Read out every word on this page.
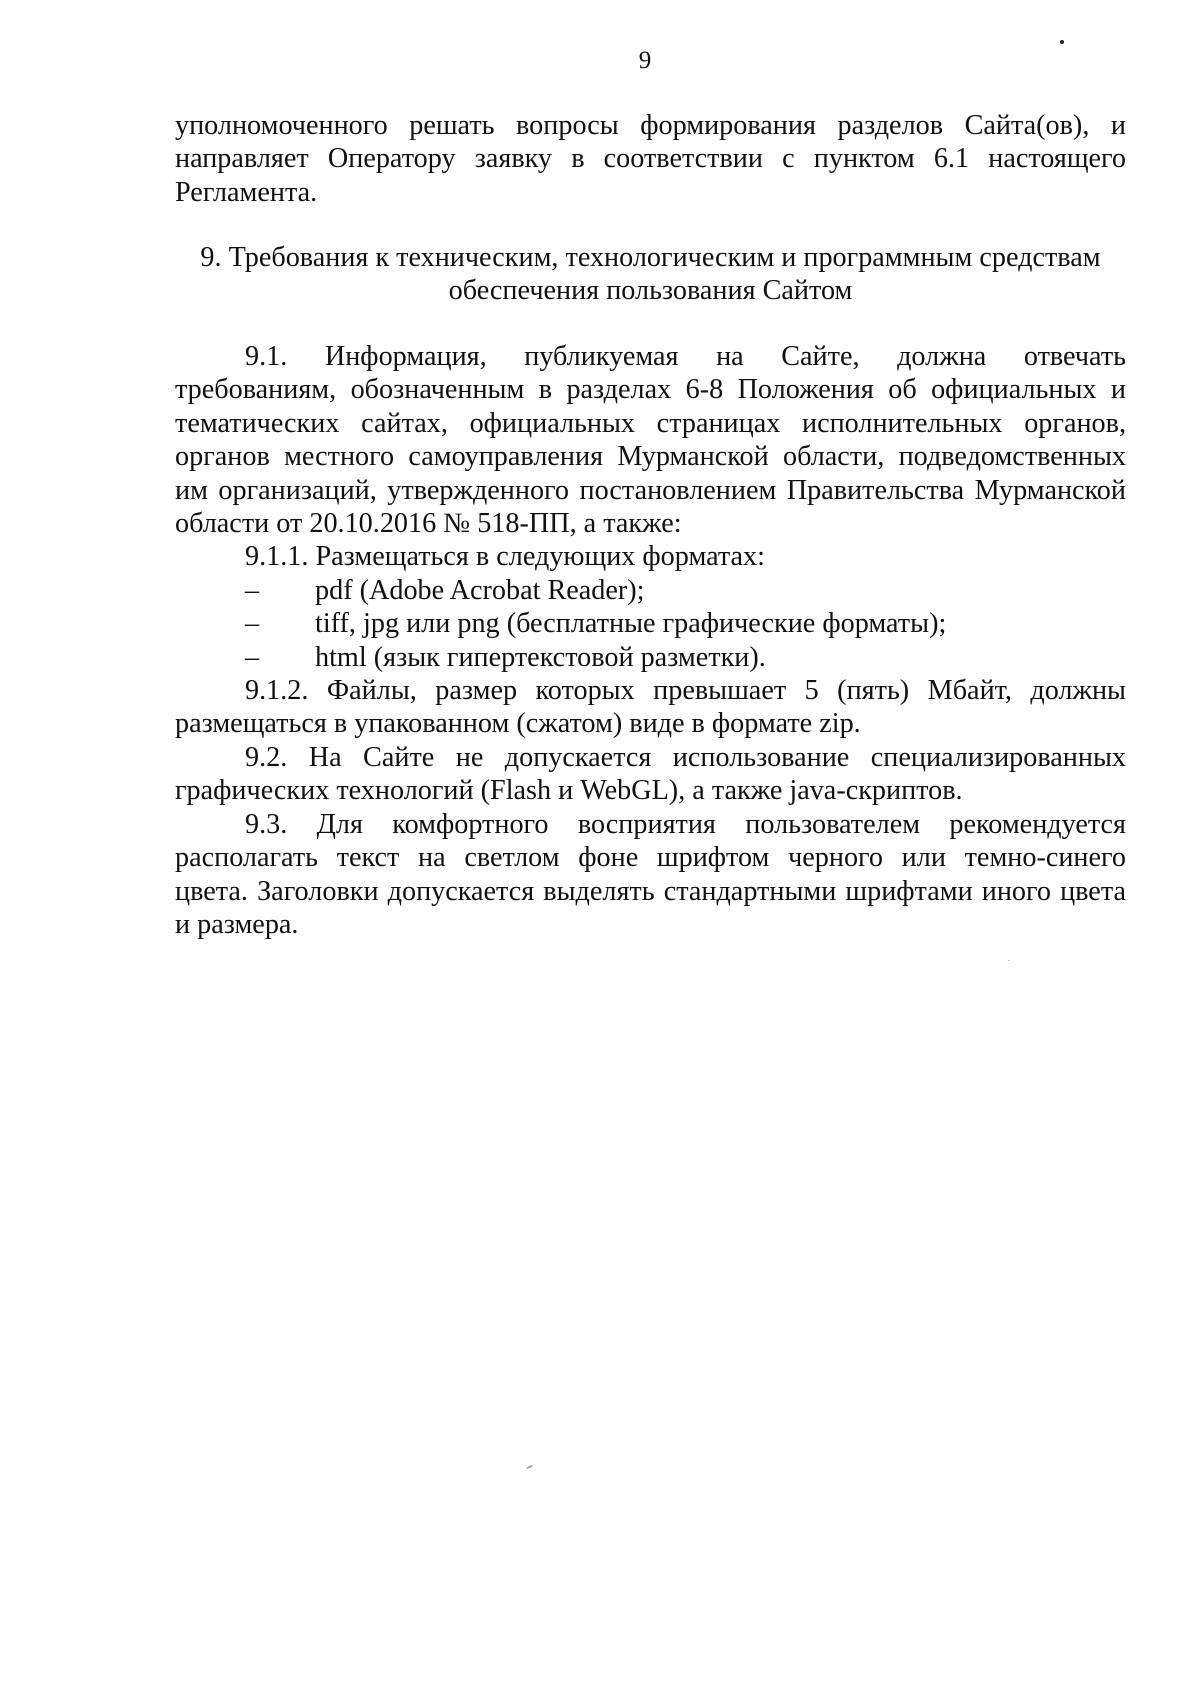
9

уполномоченного решать вопросы формирования разделов Сайта(ов), и

направляет Оператору заявку в соответствии с пунктом 6.1 настоящего

Регламента.

9. Требования к техническим, технологическим и программным средствам

обеспечения пользования Сайтом

9.1. Информация, публикуемая на Сайте, должна отвечать

требованиям, обозначенным в разделах 6-8 Положения об официальных и

тематических сайтах, официальных страницах исполнительных органов,

органов местного самоуправления Мурманской области, подведомственных

им организаций, утвержденного постановлением Правительства Мурманской

области от 20.10.2016 № 518-ПП, а также:

9.1.1. Размещаться в следующих форматах:

– pdf (Adobe Acrobat Reader);

– tiff, jpg или png (бесплатные графические форматы);

– html (язык гипертекстовой разметки).

9.1.2. Файлы, размер которых превышает 5 (пять) Мбайт, должны

размещаться в упакованном (сжатом) виде в формате zip.

9.2. На Сайте не допускается использование специализированных

графических технологий (Flash и WebGL), а также java-скриптов.

9.3. Для комфортного восприятия пользователем рекомендуется

располагать текст на светлом фоне шрифтом черного или темно-синего

цвета. Заголовки допускается выделять стандартными шрифтами иного цвета

и размера.
